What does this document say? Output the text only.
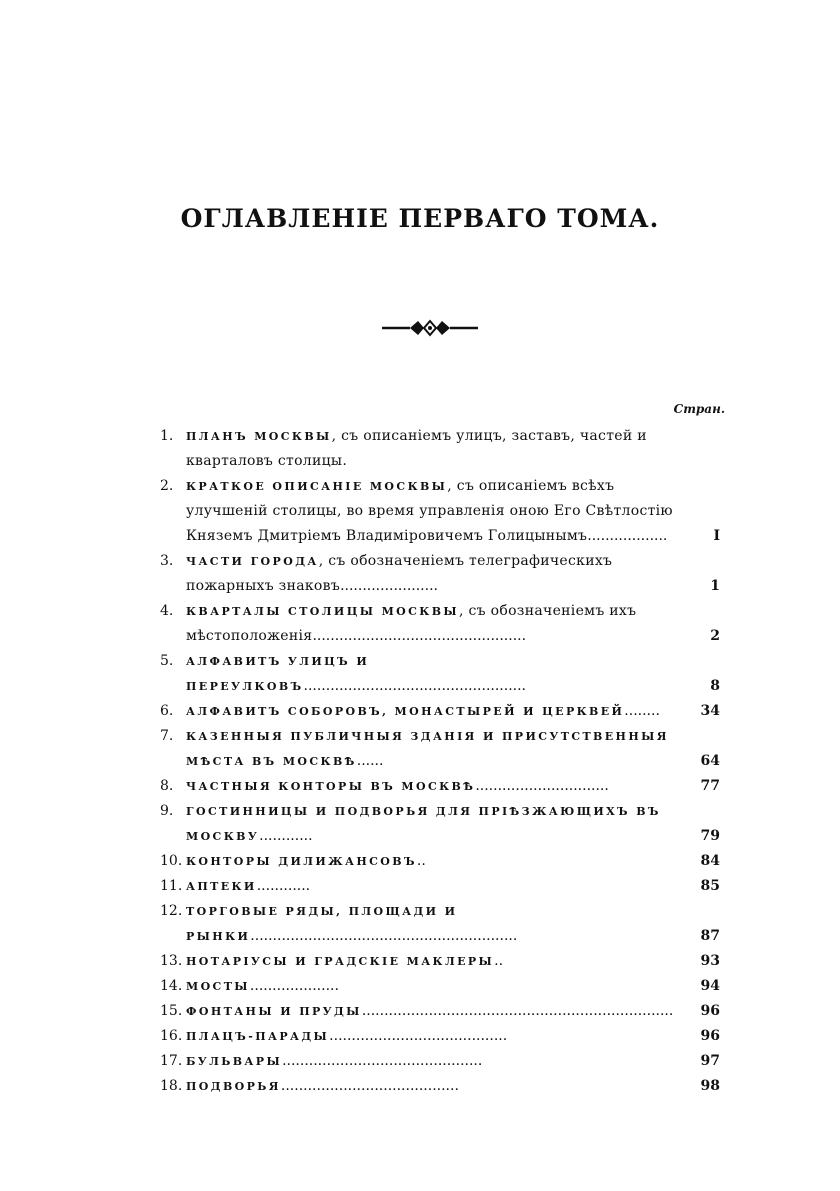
ОГЛАВЛЕНІЕ ПЕРВАГО ТОМА.
Стран.
1.	ПЛАНЪ МОСКВЫ, съ описаніемъ улицъ, заставъ, частей и кварталовъ столицы.
2.	КРАТКОЕ ОПИСАНІЕ МОСКВЫ, съ описаніемъ всѣхъ улучшеній столицы, во время управленія оною Его Свѣтлостію Княземъ Дмитріемъ Владиміровичемъ Голицынымъ..................	I
3.	ЧАСТИ ГОРОДА, съ обозначеніемъ телеграфическихъ пожарныхъ знаковъ......................	1
4.	КВАРТАЛЫ СТОЛИЦЫ МОСКВЫ, съ обозначеніемъ ихъ мѣстоположенія................................................	2
5.	АЛФАВИТЪ УЛИЦЪ И ПЕРЕУЛКОВЪ..................................................	8
6.	АЛФАВИТЪ СОБОРОВЪ, МОНАСТЫРЕЙ И ЦЕРКВЕЙ........	34
7.	КАЗЕННЫЯ ПУБЛИЧНЫЯ ЗДАНІЯ И ПРИСУТСТВЕННЫЯ МѢСТА ВЪ МОСКВѢ......	64
8.	ЧАСТНЫЯ КОНТОРЫ ВЪ МОСКВѢ..............................	77
9.	ГОСТИННИЦЫ И ПОДВОРЬЯ ДЛЯ ПРІѢЗЖАЮЩИХЪ ВЪ МОСКВУ............	79
10. КОНТОРЫ ДИЛИЖАНСОВЪ..	84
11. АПТЕКИ............	85
12. ТОРГОВЫЕ РЯДЫ, ПЛОЩАДИ И РЫНКИ............................................................	87
13. НОТАРІУСЫ И ГРАДСКІЕ МАКЛЕРЫ..	93
14. МОСТЫ....................	94
15. ФОНТАНЫ И ПРУДЫ......................................................................	96
16. ПЛАЦЪ-ПАРАДЫ........................................	96
17. БУЛЬВАРЫ.............................................	97
18. ПОДВОРЬЯ........................................	98
